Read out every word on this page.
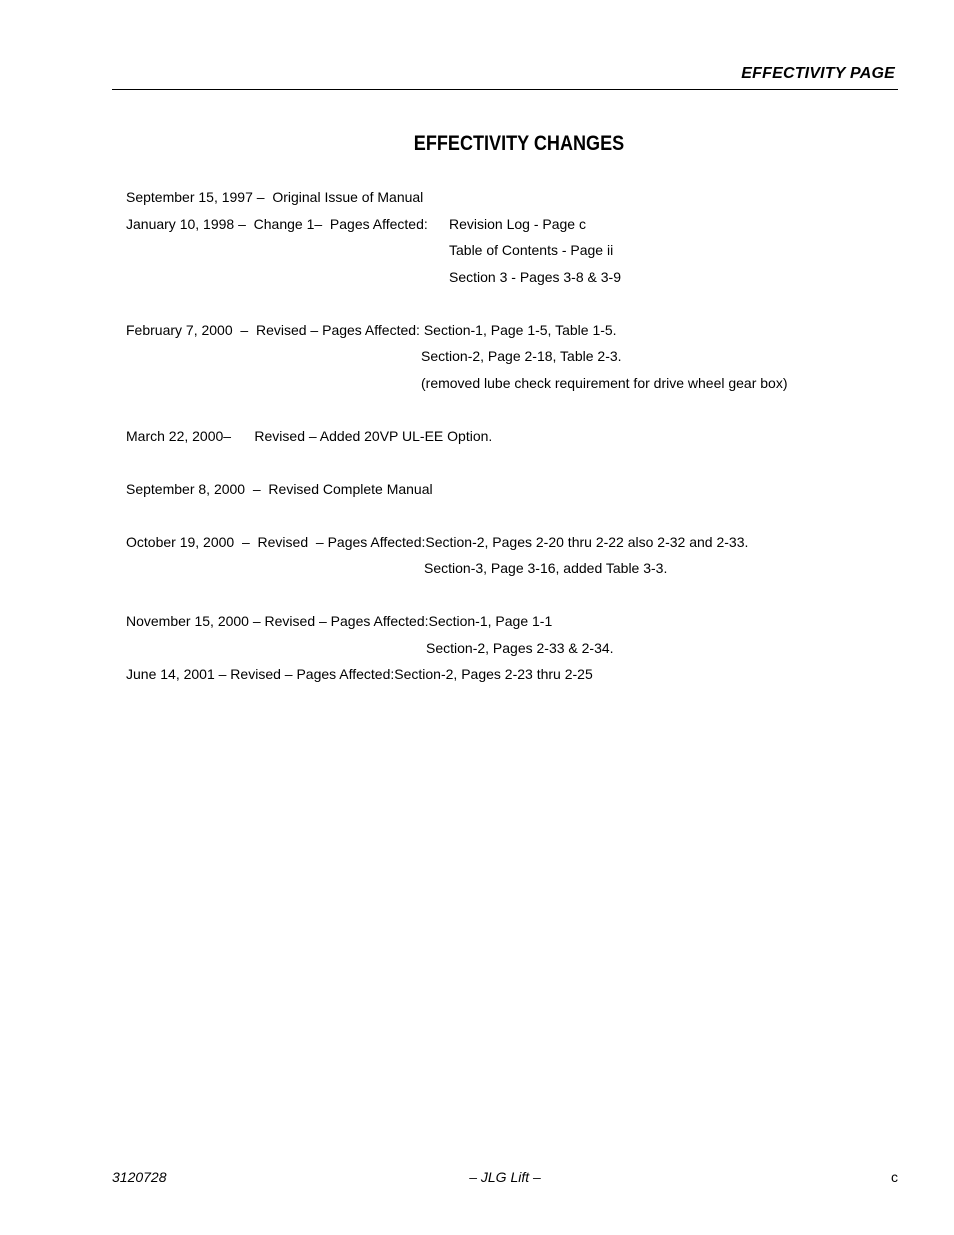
EFFECTIVITY PAGE
EFFECTIVITY CHANGES
September 15, 1997 –  Original Issue of Manual
January 10, 1998 –  Change 1–  Pages Affected: Revision Log - Page c
Table of Contents - Page ii
Section 3 - Pages 3-8 & 3-9
February 7, 2000  –  Revised – Pages Affected: Section-1, Page 1-5, Table 1-5.
Section-2, Page 2-18, Table 2-3.
(removed lube check requirement for drive wheel gear box)
March 22, 2000–      Revised – Added 20VP UL-EE Option.
September 8, 2000  –  Revised Complete Manual
October 19, 2000  –  Revised  – Pages Affected:Section-2, Pages 2-20 thru 2-22 also 2-32 and 2-33.
Section-3, Page 3-16, added Table 3-3.
November 15, 2000 – Revised – Pages Affected:Section-1, Page 1-1
Section-2, Pages 2-33 & 2-34.
June 14, 2001 – Revised – Pages Affected:Section-2, Pages 2-23 thru 2-25
3120728	– JLG Lift –	c
